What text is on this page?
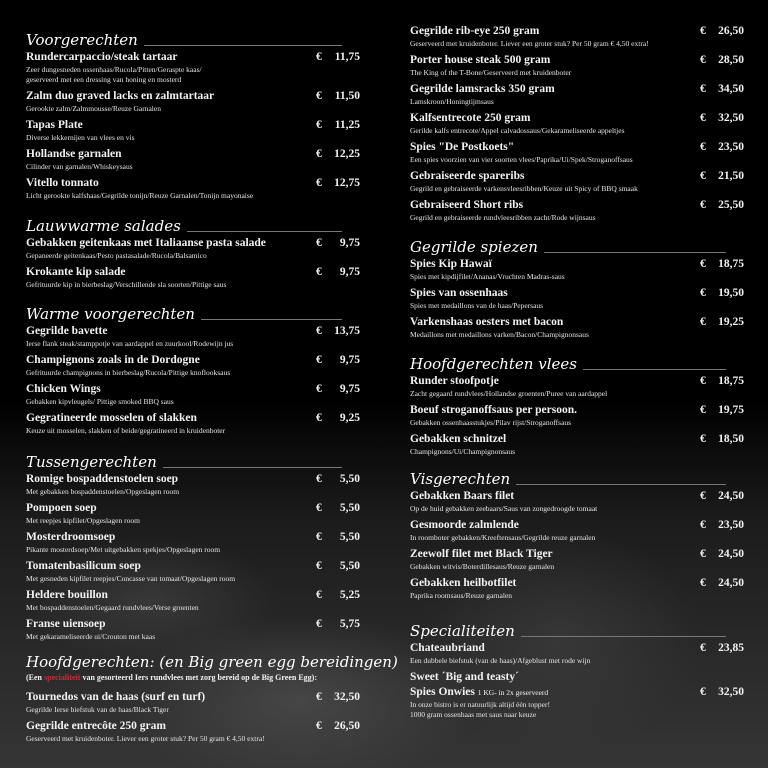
Voorgerechten
Rundercarpaccio/steak tartaar
Zeer dungesneden ossenhaas/Rucola/Pitten/Geraspte kaas/
geserveerd met een dressing van honing en mosterd
€	11,75
Zalm duo graved lacks en zalmtartaar
Gerookte zalm/Zalmmousse/Reuze Garnalen
€	11,50
Tapas Plate
Diverse lekkernijen van vlees en vis
€	11,25
Hollandse garnalen
Cilinder van garnalen/Whiskeysaus
€	12,25
Vitello tonnato
Licht gerookte kalfshaas/Gegrilde tonijn/Reuze Garnalen/Tonijn mayonaise
€	12,75
Lauwwarme salades
Gebakken geitenkaas met Italiaanse pasta salade
Gepaneerde geitenkaas/Pesto pastasalade/Rucola/Balsamico
€	9,75
Krokante kip salade
Gefrituurde kip in bierbeslag/Verschillende sla soorten/Pittige saus
€	9,75
Warme voorgerechten
Gegrilde bavette
Ierse flank steak/stamppotje van aardappel en zuurkool/Rodewijn jus
€	13,75
Champignons zoals in de Dordogne
Gefrituurde champignons in bierbeslag/Rucola/Pittige knoflooksaus
€	9,75
Chicken Wings
Gebakken kipvleugels/ Pittige smoked BBQ saus
€	9,75
Gegratineerde mosselen of slakken
Keuze uit mosselen, slakken of beide/gegratineerd in kruidenboter
€	9,25
Tussengerechten
Romige bospaddenstoelen soep
Met gebakken bospaddenstoelen/Opgeslagen room
€	5,50
Pompoen soep
Met reepjes kipfilet/Opgeslagen room
€	5,50
Mosterdroomsoep
Pikante mosterdsoep/Met uitgebakken spekjes/Opgeslagen room
€	5,50
Tomatenbasilicum soep
Met gesneden kipfilet reepjes/Concasse van tomaat/Opgeslagen room
€	5,50
Heldere bouillon
Met bospaddenstoelen/Gegaard rundvlees/Verse groenten
€	5,25
Franse uiensoep
Met gekarameliseerde ui/Crouton met kaas
€	5,75
Hoofdgerechten: (en Big green egg bereidingen)
(Een specialiteit van gesorteerd Iers rundvlees met zorg bereid op de Big Green Egg):
Tournedos van de haas (surf en turf)
Gegrilde Ierse biefstuk van de haas/Black Tiger
€	32,50
Gegrilde entrecôte 250 gram
Geserveerd met kruidenboter. Liever een groter stuk? Per 50 gram € 4,50 extra!
€	26,50
Gegrilde rib-eye 250 gram
Geserveerd met kruidenboter. Liever een groter stuk? Per 50 gram € 4,50 extra!
€	26,50
Porter house steak 500 gram
The King of the T-Bone/Geserveerd met kruidenboter
€	28,50
Gegrilde lamsracks 350 gram
Lamskroon/Honingtijmsaus
€	34,50
Kalfsentrecote 250 gram
Gerilde kalfs entrecote/Appel calvadossaus/Gekarameliseerde appeltjes
€	32,50
Spies "De Postkoets"
Een spies voorzien van vier soorten vlees/Paprika/Ui/Spek/Stroganoffsaus
€	23,50
Gebraiseerde spareribs
Gegrild en gebraiseerde varkensvleesribben/Keuze uit Spicy of BBQ smaak
€	21,50
Gebraiseerd Short ribs
Gegrild en gebraiseerde rundvleesribben zacht/Rode wijnsaus
€	25,50
Gegrilde spiezen
Spies Kip Hawaï
Spies met kipdijfilet/Ananas/Vruchten Madras-saus
€	18,75
Spies van ossenhaas
Spies met medaillons van de haas/Pepersaus
€	19,50
Varkenshaas oesters met bacon
Medaillons met medaillons varken/Bacon/Champignonsaus
€	19,25
Hoofdgerechten vlees
Runder stoofpotje
Zacht gegaard rundvlees/Hollandse groenten/Puree van aardappel
€	18,75
Boeuf stroganoffsaus per persoon.
Gebakken ossenhaasstukjes/Pilav rijst/Stroganoffsaus
€	19,75
Gebakken schnitzel
Champignons/Ui/Champignonsaus
€	18,50
Visgerechten
Gebakken Baars filet
Op de huid gebakken zeebaars/Saus van zongedroogde tomaat
€	24,50
Gesmoorde zalmlende
In roomboter gebakken/Kreeftensaus/Gegrilde reuze garnalen
€	23,50
Zeewolf filet met Black Tiger
Gebakken witvis/Boterdillesaus/Reuze garnalen
€	24,50
Gebakken heilbotfilet
Paprika roomsaus/Reuze garnalen
€	24,50
Specialiteiten
Chateaubriand
Een dubbele biefstuk (van de haas)/Afgeblust met rode wijn
€	23,85
Sweet ´Big and teasty´
Spies Onwies 1 KG- in 2x geserveerd
In onze bistro is er natuurlijk altijd één topper!
1000 gram ossenhaas met saus naar keuze
€	32,50
